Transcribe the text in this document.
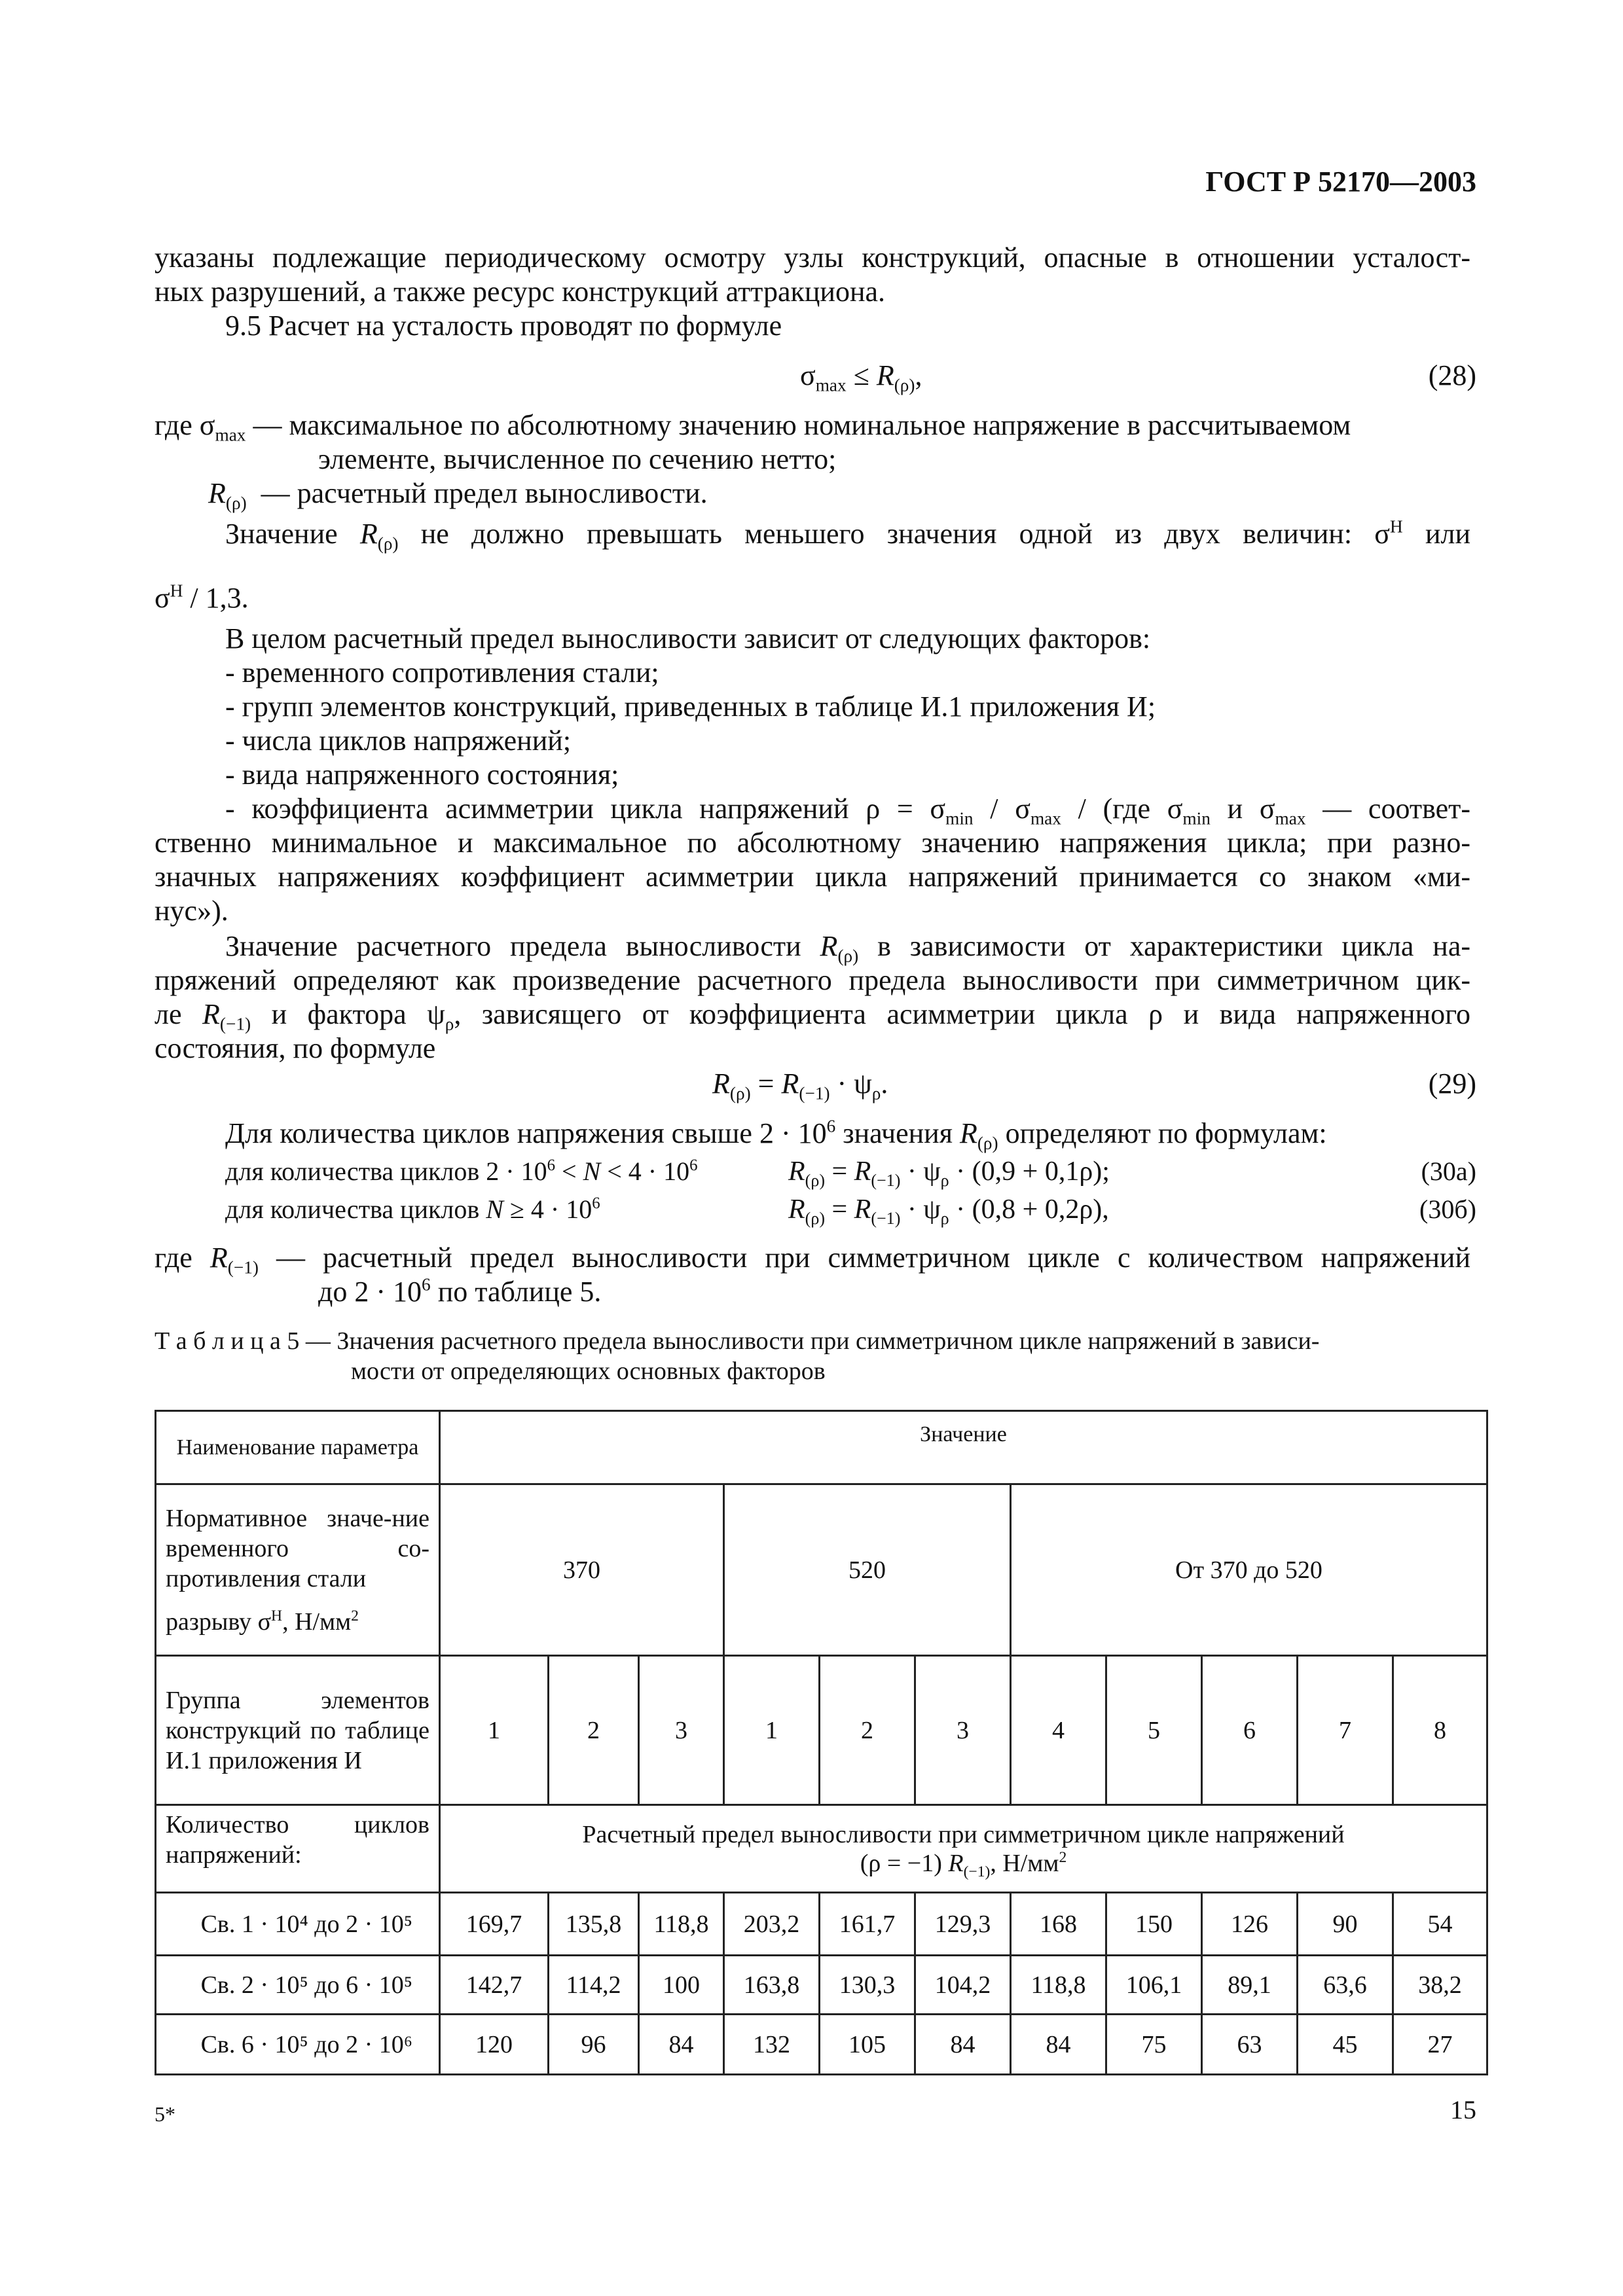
ГОСТ Р 52170—2003
указаны подлежащие периодическому осмотру узлы конструкций, опасные в отношении усталост-
ных разрушений, а также ресурс конструкций аттракциона.
9.5 Расчет на усталость проводят по формуле
$\sigma_{max} \le R_{(\rho)}$,	(28)
где $\sigma_{max}$ — максимальное по абсолютному значению номинальное напряжение в рассчитываемом
элементе, вычисленное по сечению нетто;
$R_{(\rho)}$ — расчетный предел выносливости.
Значение $R_{(\rho)}$ не должно превышать меньшего значения одной из двух величин: $\sigma^Н$ или
$\sigma^Н / 1,3$.
В целом расчетный предел выносливости зависит от следующих факторов:
- временного сопротивления стали;
- групп элементов конструкций, приведенных в таблице И.1 приложения И;
- числа циклов напряжений;
- вида напряженного состояния;
- коэффициента асимметрии цикла напряжений $\rho = \sigma_{min} / \sigma_{max} / (где$ $\sigma_{min}$ и $\sigma_{max}$ — соответ-
ственно минимальное и максимальное по абсолютному значению напряжения цикла; при разно-
значных напряжениях коэффициент асимметрии цикла напряжений принимается со знаком «ми-
нус»).
Значение расчетного предела выносливости $R_{(\rho)}$ в зависимости от характеристики цикла на-
пряжений определяют как произведение расчетного предела выносливости при симметричном цик-
ле $R_{(-1)}$ и фактора $\psi_\rho$, зависящего от коэффициента асимметрии цикла ρ и вида напряженного
состояния, по формуле
$R_{(\rho)} = R_{(-1)} \cdot \psi_\rho$.	(29)
Для количества циклов напряжения свыше $2 \cdot 10^6$ значения $R_{(\rho)}$ определяют по формулам:
для количества циклов $2 \cdot 10^6 < N < 4 \cdot 10^6$	$R_{(\rho)} = R_{(-1)} \cdot \psi_\rho \cdot (0,9 + 0,1\rho)$;	(30а)
для количества циклов $N \ge 4 \cdot 10^6$	$R_{(\rho)} = R_{(-1)} \cdot \psi_\rho \cdot (0,8 + 0,2\rho)$,	(30б)
где $R_{(-1)}$ — расчетный предел выносливости при симметричном цикле с количеством напряжений
до $2 \cdot 10^6$ по таблице 5.
Т а б л и ц а 5 — Значения расчетного предела выносливости при симметричном цикле напряжений в зависи-
мости от определяющих основных факторов
Наименование параметра	Значение										

Нормативное значе-ние временного со-противления стали
разрыву $\sigma^Н$, $Н/мм^2$	370			520			От 370 до 520				
Группа элементов конструкций по таблице И.1 приложения И	1	2	3	1	2	3	4	5	6	7	8
Количество циклов напряжений:	Расчетный предел выносливости при симметричном цикле напряжений
(ρ = −1) $R_{(-1)}$, $Н/мм^2$

Св. 1 · 10⁴ до 2 · 10⁵	169,7	135,8	118,8	203,2	161,7	129,3	168	150	126	90	54
Св. 2 · 10⁵ до 6 · 10⁵	142,7	114,2	100	163,8	130,3	104,2	118,8	106,1	89,1	63,6	38,2
Св. 6 · 10⁵ до 2 · 10⁶	120	96	84	132	105	84	84	75	63	45	27
5*	15
